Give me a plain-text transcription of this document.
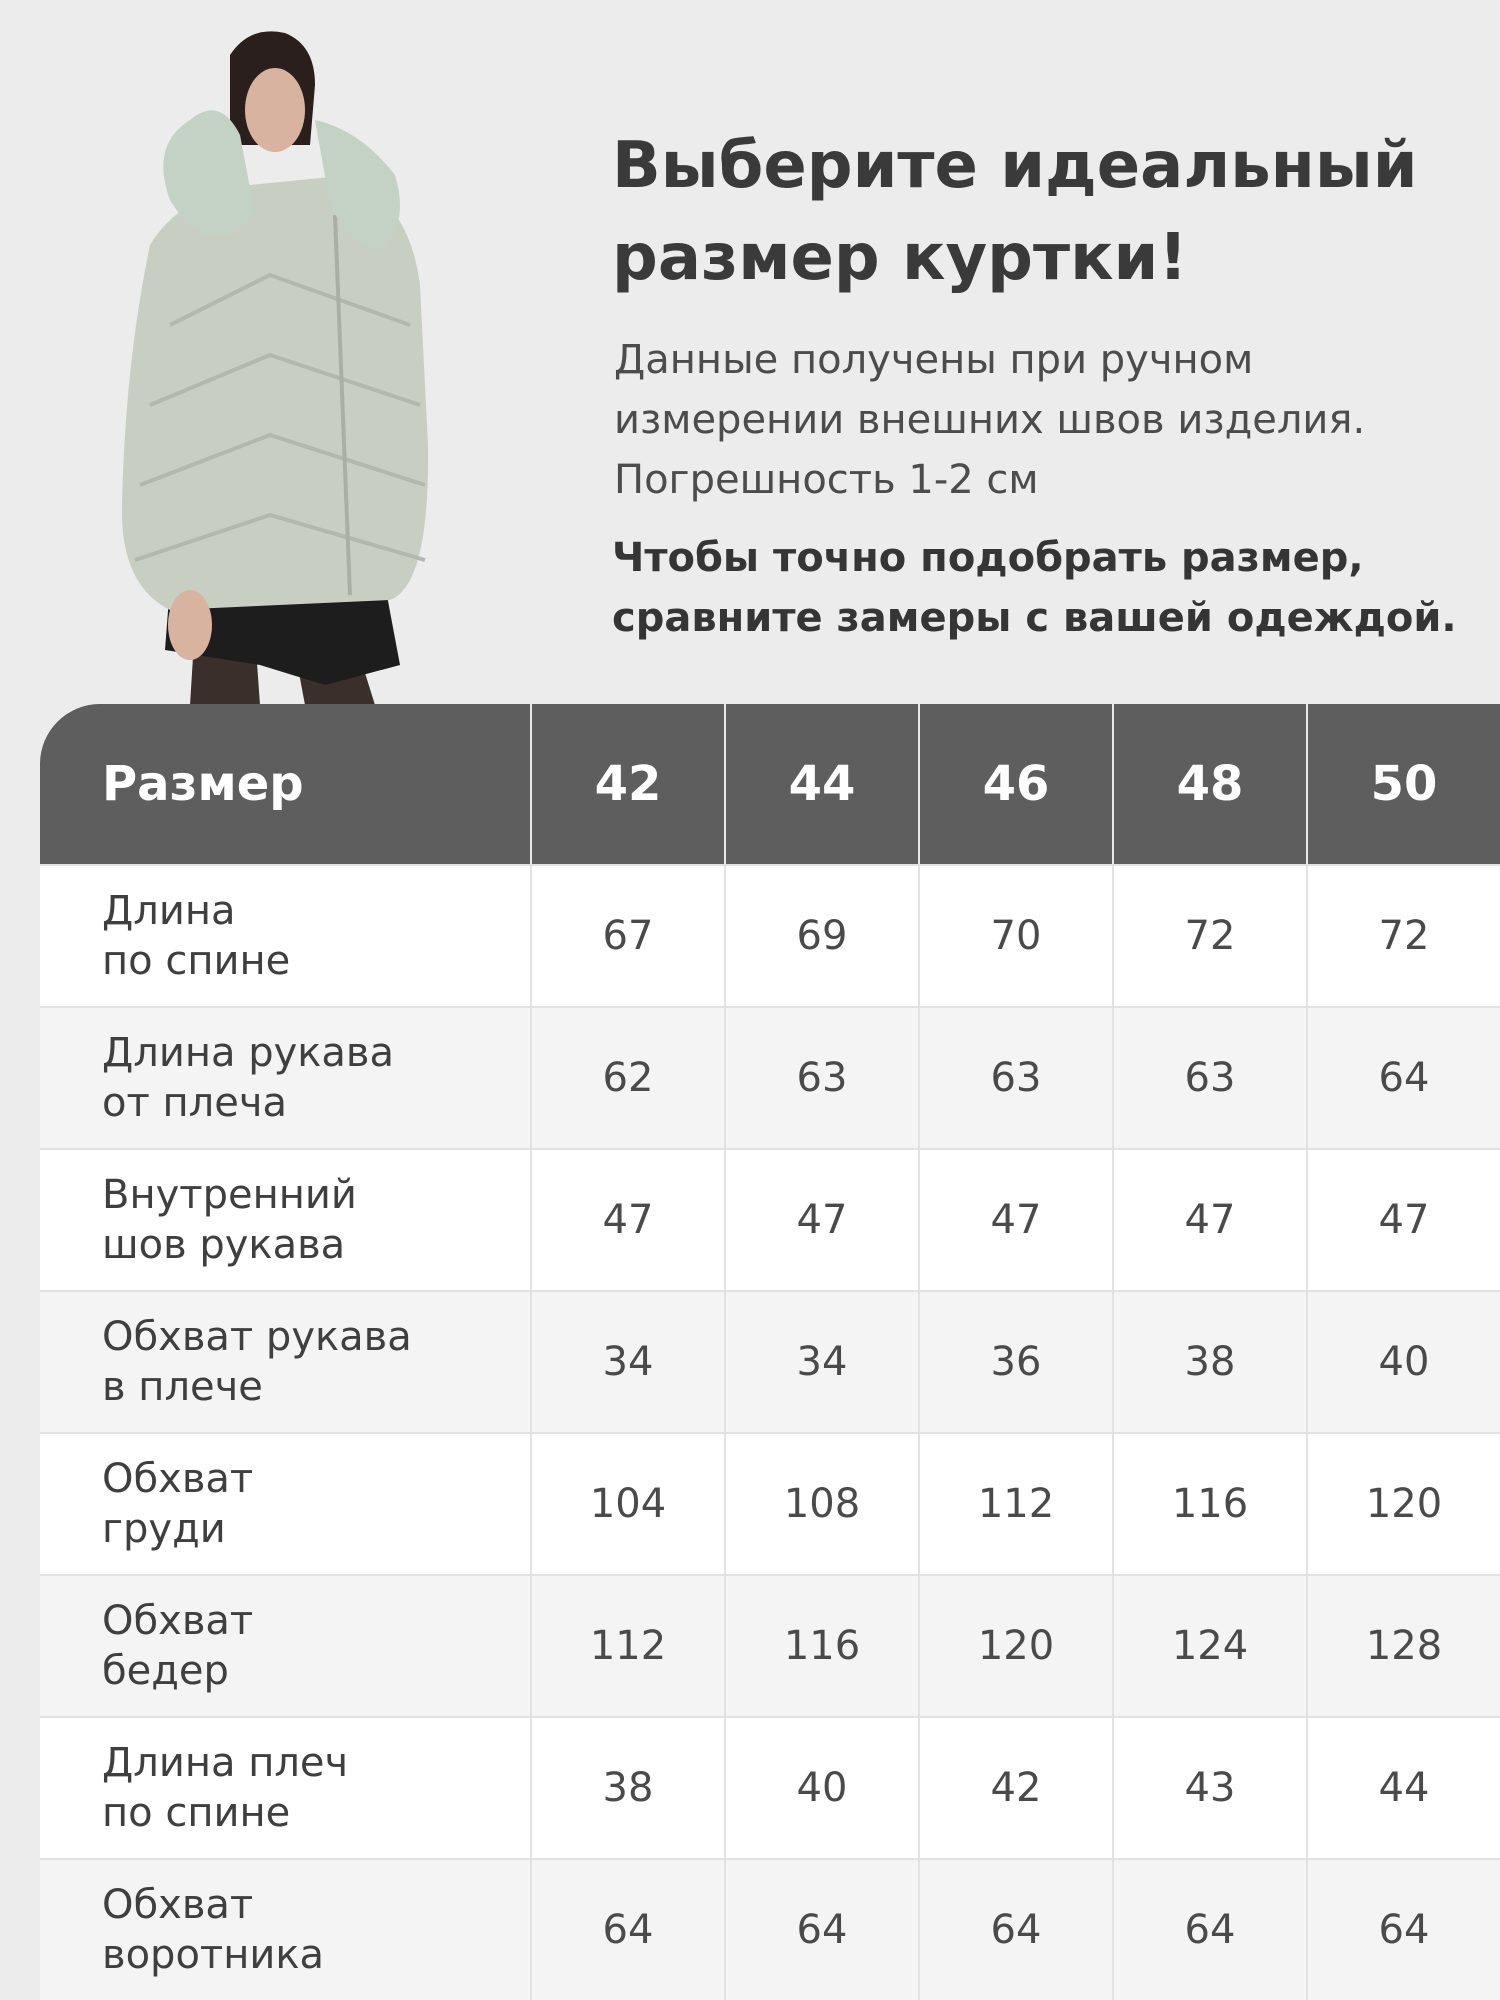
Выберите идеальный
размер куртки!
Данные получены при ручном
измерении внешних швов изделия.
Погрешность 1-2 см
Чтобы точно подобрать размер,
сравните замеры с вашей одеждой.
Размер	42	44	46	48	50
Длина
по спине
67	69	70	72	72
Длина рукава
от плеча
62	63	63	63	64
Внутренний
шов рукава
47	47	47	47	47
Обхват рукава
в плече
34	34	36	38	40
Обхват
груди
104	108	112	116	120
Обхват
бедер
112	116	120	124	128
Длина плеч
по спине
38	40	42	43	44
Обхват
воротника
64	64	64	64	64
